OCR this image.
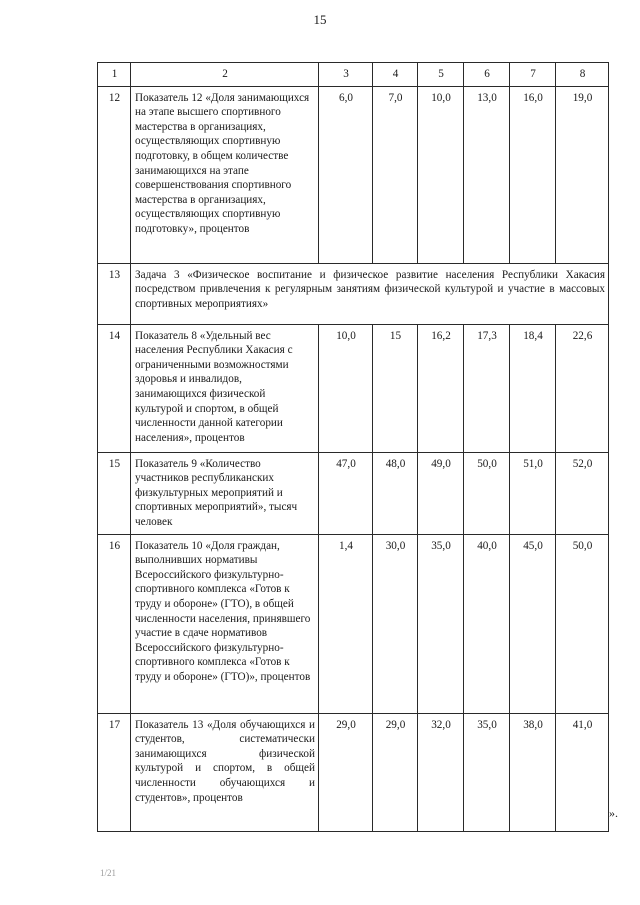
15
1	2	3	4	5	6	7	8
12	Показатель 12 «Доля занимающихся на этапе высшего спортивного мастерства в организациях, осуществляющих спортивную подготовку, в общем количестве занимающихся на этапе совершенствования спортивного мастерства в организациях, осуществляющих спортивную подготовку», процентов	6,0	7,0	10,0	13,0	16,0	19,0
13	Задача 3 «Физическое воспитание и физическое развитие населения Республики Хакасия посредством привлечения к регулярным занятиям физической культурой и участие в массовых спортивных мероприятиях»						
14	Показатель 8 «Удельный вес населения Республики Хакасия с ограниченными возможностями здоровья и инвалидов, занимающихся физической культурой и спортом, в общей численности данной категории населения», процентов	10,0	15	16,2	17,3	18,4	22,6
15	Показатель 9 «Количество участников республиканских физкультурных мероприятий и спортивных мероприятий», тысяч человек	47,0	48,0	49,0	50,0	51,0	52,0
16	Показатель 10 «Доля граждан, выполнивших нормативы Всероссийского физкультурно-спортивного комплекса «Готов к труду и обороне» (ГТО), в общей численности населения, принявшего участие в сдаче нормативов Всероссийского физкультурно-спортивного комплекса «Готов к труду и обороне» (ГТО)», процентов	1,4	30,0	35,0	40,0	45,0	50,0
17	Показатель 13 «Доля обучающихся и студентов, систематически занимающихся физической культурой и спортом, в общей численности обучающихся и студентов», процентов	29,0	29,0	32,0	35,0	38,0	41,0
».
1/21
